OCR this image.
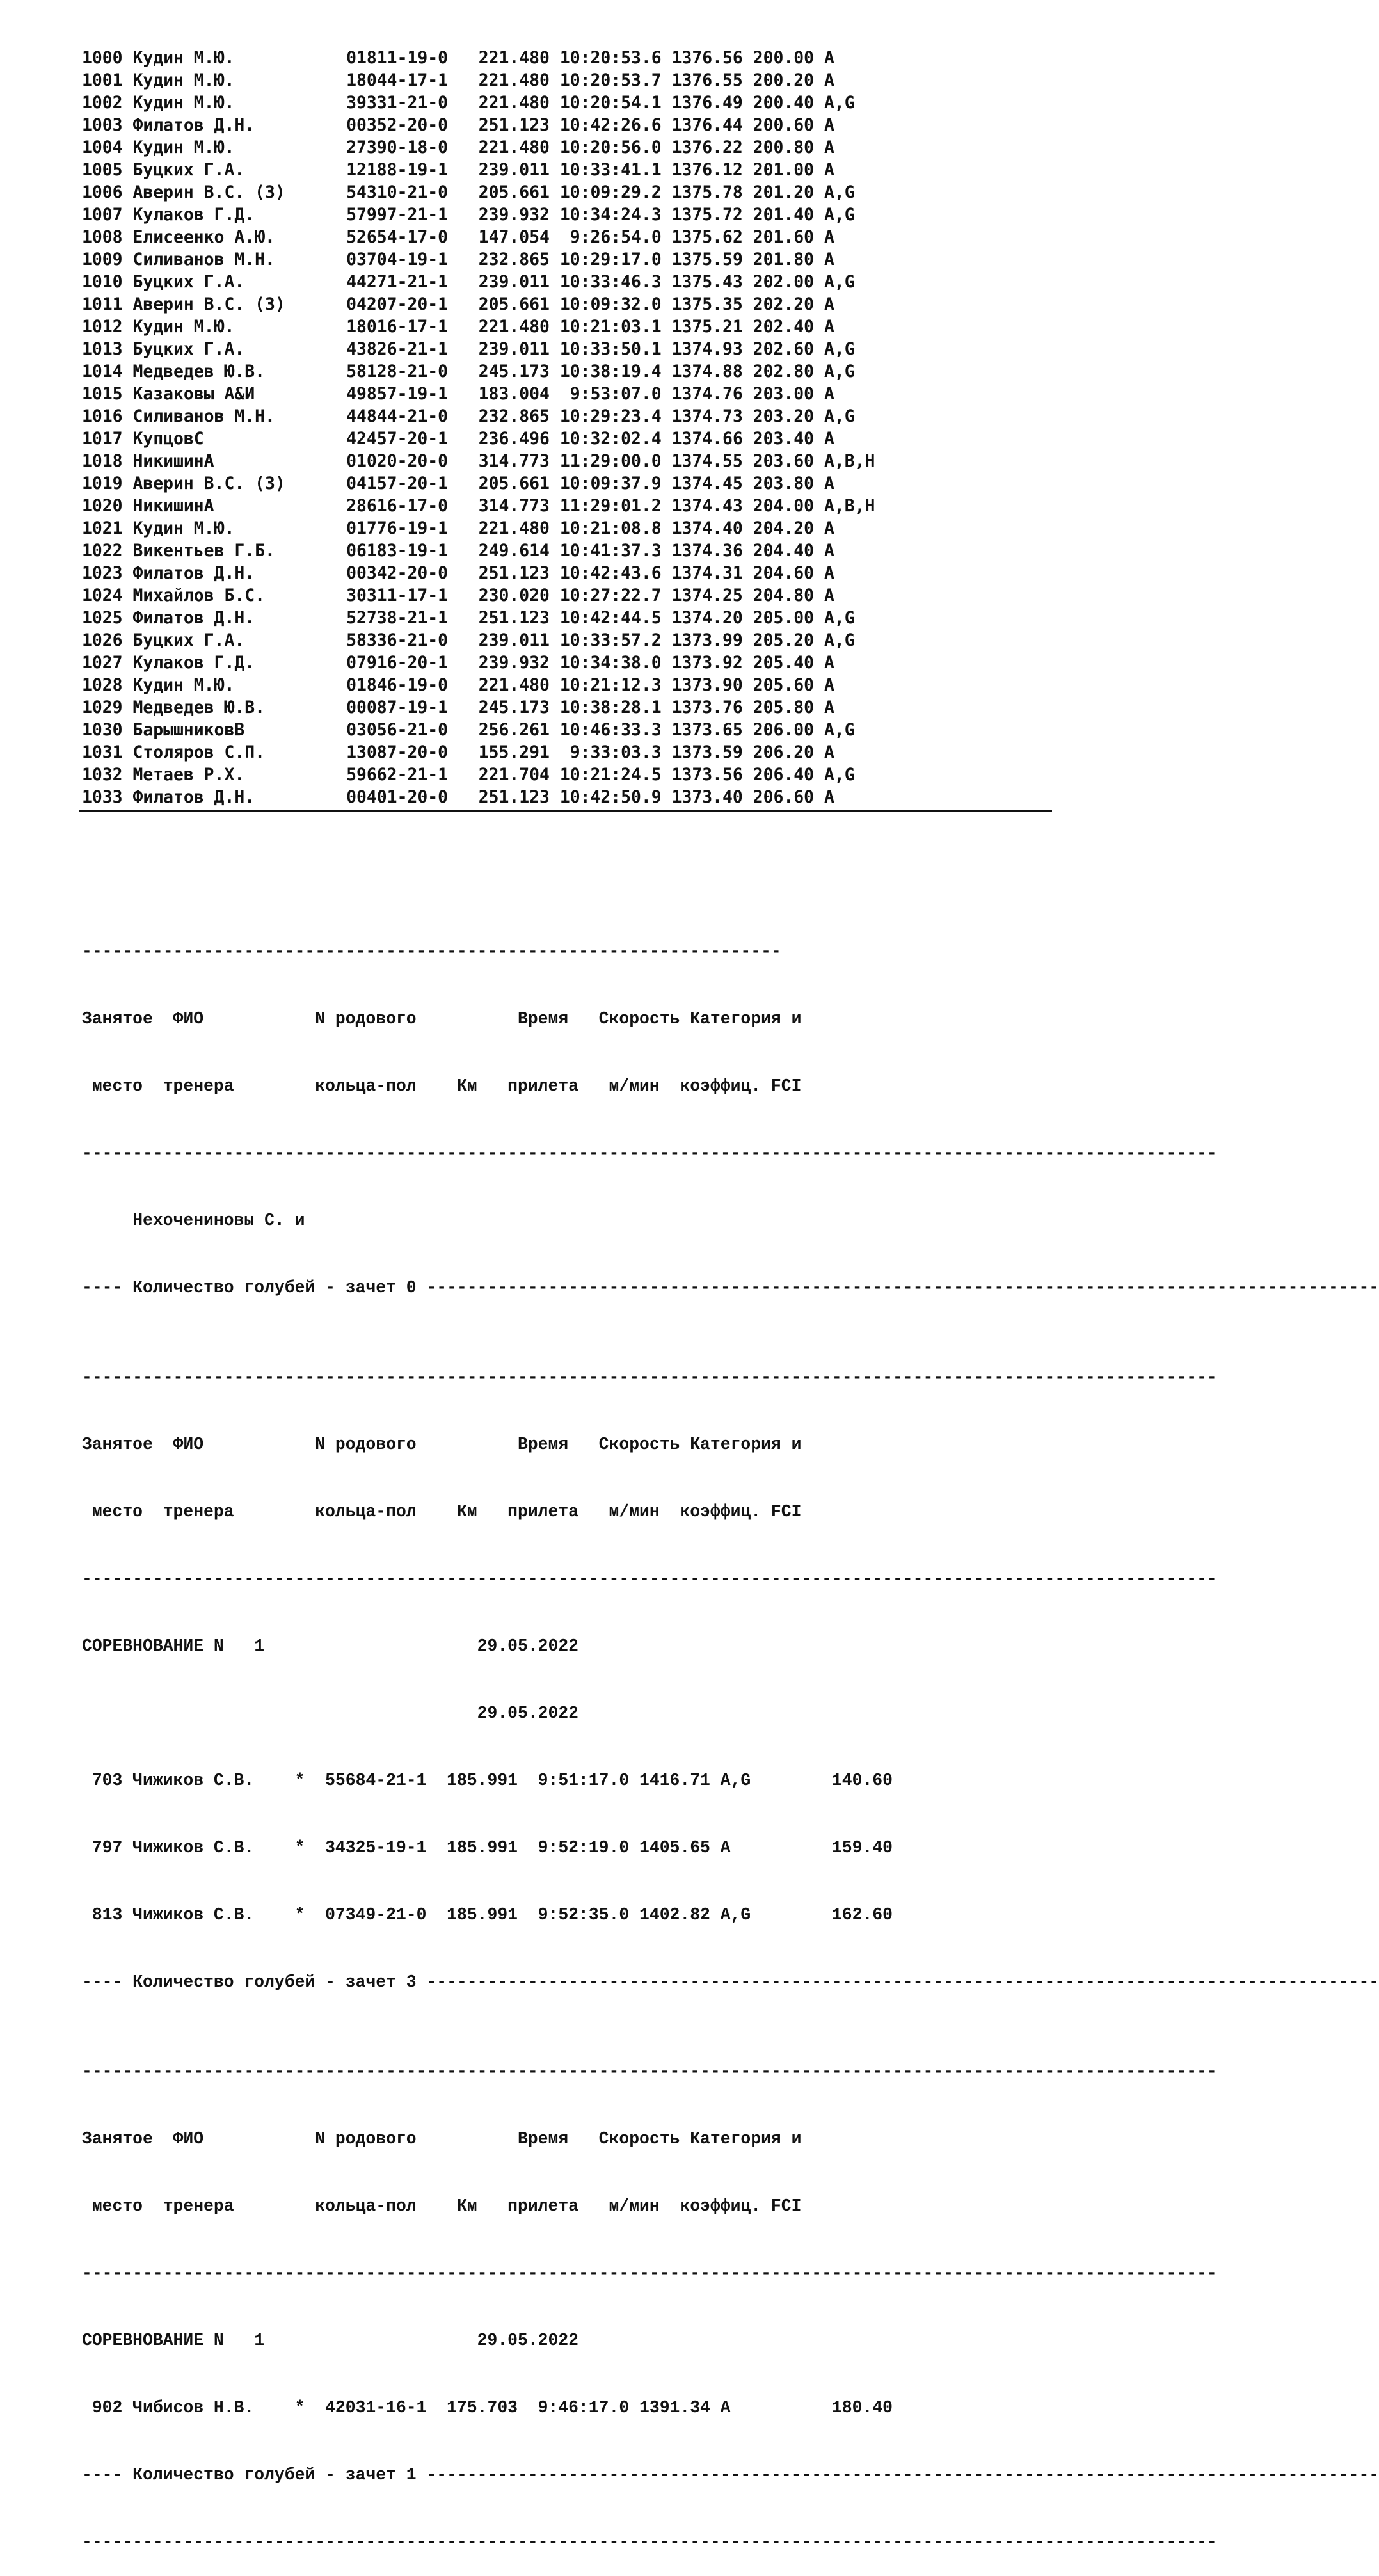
1000 Кудин М.Ю.	01811-19-0 221.480 10:20:53.6 1376.56 200.00 A
1001 Кудин М.Ю.	18044-17-1 221.480 10:20:53.7 1376.55 200.20 A
1002 Кудин М.Ю.	39331-21-0 221.480 10:20:54.1 1376.49 200.40 A,G
1003 Филатов Д.Н.	00352-20-0 251.123 10:42:26.6 1376.44 200.60 A
1004 Кудин М.Ю.	27390-18-0 221.480 10:20:56.0 1376.22 200.80 A
1005 Буцких Г.А.	12188-19-1 239.011 10:33:41.1 1376.12 201.00 A
1006 Аверин В.С. (З)	54310-21-0 205.661 10:09:29.2 1375.78 201.20 A,G
1007 Кулаков Г.Д.	57997-21-1 239.932 10:34:24.3 1375.72 201.40 A,G
1008 Елисеенко А.Ю.	52654-17-0 147.054  9:26:54.0 1375.62 201.60 A
1009 Силиванов М.Н.	03704-19-1 232.865 10:29:17.0 1375.59 201.80 A
1010 Буцких Г.А.	44271-21-1 239.011 10:33:46.3 1375.43 202.00 A,G
1011 Аверин В.С. (З)	04207-20-1 205.661 10:09:32.0 1375.35 202.20 A
1012 Кудин М.Ю.	18016-17-1 221.480 10:21:03.1 1375.21 202.40 A
1013 Буцких Г.А.	43826-21-1 239.011 10:33:50.1 1374.93 202.60 A,G
1014 Медведев Ю.В.	58128-21-0 245.173 10:38:19.4 1374.88 202.80 A,G
1015 Казаковы А&И	49857-19-1 183.004  9:53:07.0 1374.76 203.00 A
1016 Силиванов М.Н.	44844-21-0 232.865 10:29:23.4 1374.73 203.20 A,G
1017 КупцовС	42457-20-1 236.496 10:32:02.4 1374.66 203.40 A
1018 НикишинА	01020-20-0 314.773 11:29:00.0 1374.55 203.60 A,B,H
1019 Аверин В.С. (З)	04157-20-1 205.661 10:09:37.9 1374.45 203.80 A
1020 НикишинА	28616-17-0 314.773 11:29:01.2 1374.43 204.00 A,B,H
1021 Кудин М.Ю.	01776-19-1 221.480 10:21:08.8 1374.40 204.20 A
1022 Викентьев Г.Б.	06183-19-1 249.614 10:41:37.3 1374.36 204.40 A
1023 Филатов Д.Н.	00342-20-0 251.123 10:42:43.6 1374.31 204.60 A
1024 Михайлов Б.С.	30311-17-1 230.020 10:27:22.7 1374.25 204.80 A
1025 Филатов Д.Н.	52738-21-1 251.123 10:42:44.5 1374.20 205.00 A,G
1026 Буцких Г.А.	58336-21-0 239.011 10:33:57.2 1373.99 205.20 A,G
1027 Кулаков Г.Д.	07916-20-1 239.932 10:34:38.0 1373.92 205.40 A
1028 Кудин М.Ю.	01846-19-0 221.480 10:21:12.3 1373.90 205.60 A
1029 Медведев Ю.В.	00087-19-1 245.173 10:38:28.1 1373.76 205.80 A
1030 БарышниковВ	03056-21-0 256.261 10:46:33.3 1373.65 206.00 A,G
1031 Столяров С.П.	13087-20-0 155.291  9:33:03.3 1373.59 206.20 A
1032 Метаев Р.Х.	59662-21-1 221.704 10:21:24.5 1373.56 206.40 A,G
1033 Филатов Д.Н.	00401-20-0 251.123 10:42:50.9 1373.40 206.60 A

---------------------------------------------------------------------

Занятое  ФИО           N родового          Время   Скорость Категория и

место  тренера        кольца-пол    Км   прилета   м/мин  коэффиц. FCI

----------------------------------------------------------------------------------------------------------------

Нехочениновы С. и

---- Количество голубей - зачет 0 ----------------------------------------------------------------------------------------------

----------------------------------------------------------------------------------------------------------------

Занятое  ФИО           N родового          Время   Скорость Категория и

место  тренера        кольца-пол    Км   прилета   м/мин  коэффиц. FCI

----------------------------------------------------------------------------------------------------------------

СОРЕВНОВАНИЕ N   1                     29.05.2022

29.05.2022

703 Чижиков С.В.    *  55684-21-1  185.991  9:51:17.0 1416.71 A,G        140.60

797 Чижиков С.В.    *  34325-19-1  185.991  9:52:19.0 1405.65 A          159.40

813 Чижиков С.В.    *  07349-21-0  185.991  9:52:35.0 1402.82 A,G        162.60

---- Количество голубей - зачет 3 ----------------------------------------------------------------------------------------------

----------------------------------------------------------------------------------------------------------------

Занятое  ФИО           N родового          Время   Скорость Категория и

место  тренера        кольца-пол    Км   прилета   м/мин  коэффиц. FCI

----------------------------------------------------------------------------------------------------------------

СОРЕВНОВАНИЕ N   1                     29.05.2022

902 Чибисов Н.В.    *  42031-16-1  175.703  9:46:17.0 1391.34 A          180.40

---- Количество голубей - зачет 1 ----------------------------------------------------------------------------------------------

----------------------------------------------------------------------------------------------------------------
